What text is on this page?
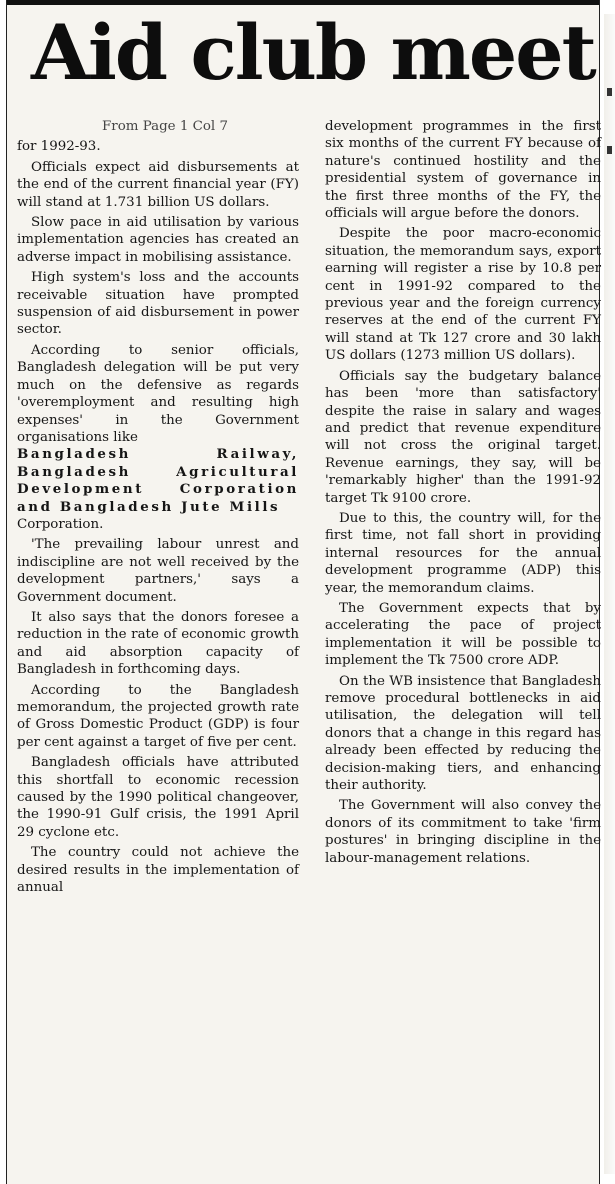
Aid club meet

From Page 1 Col 7

for 1992-93.

Officials expect aid disbursements at the end of the current financial year (FY) will stand at 1.731 billion US dollars.

Slow pace in aid utilisation by various implementation agencies has created an adverse impact in mobilising assistance.

High system's loss and the accounts receivable situation have prompted suspension of aid disbursement in power sector.

According to senior officials, Bangladesh delegation will be put very much on the defensive as regards 'overemployment and resulting high expenses' in the Government organisations like

Bangladesh Railway, Bangladesh Agricultural Development Corporation and Bangladesh Jute Mills

Corporation.

'The prevailing labour unrest and indiscipline are not well received by the development partners,' says a Government document.

It also says that the donors foresee a reduction in the rate of economic growth and aid absorption capacity of Bangladesh in forthcoming days.

According to the Bangladesh memorandum, the projected growth rate of Gross Domestic Product (GDP) is four per cent against a target of five per cent.

Bangladesh officials have attributed this shortfall to economic recession caused by the 1990 political changeover, the 1990-91 Gulf crisis, the 1991 April 29 cyclone etc.

The country could not achieve the desired results in the implementation of annual

development programmes in the first six months of the current FY because of nature's continued hostility and the presidential system of governance in the first three months of the FY, the officials will argue before the donors.

Despite the poor macro-economic situation, the memorandum says, export earning will register a rise by 10.8 per cent in 1991-92 compared to the previous year and the foreign currency reserves at the end of the current FY will stand at Tk 127 crore and 30 lakh US dollars (1273 million US dollars).

Officials say the budgetary balance has been 'more than satisfactory' despite the raise in salary and wages and predict that revenue expenditure will not cross the original target. Revenue earnings, they say, will be 'remarkably higher' than the 1991-92 target Tk 9100 crore.

Due to this, the country will, for the first time, not fall short in providing internal resources for the annual development programme (ADP) this year, the memorandum claims.

The Government expects that by accelerating the pace of project implementation it will be possible to implement the Tk 7500 crore ADP.

On the WB insistence that Bangladesh remove procedural bottlenecks in aid utilisation, the delegation will tell donors that a change in this regard has already been effected by reducing the decision-making tiers, and enhancing their authority.

The Government will also convey the donors of its commitment to take 'firm postures' in bringing discipline in the labour-management relations.
